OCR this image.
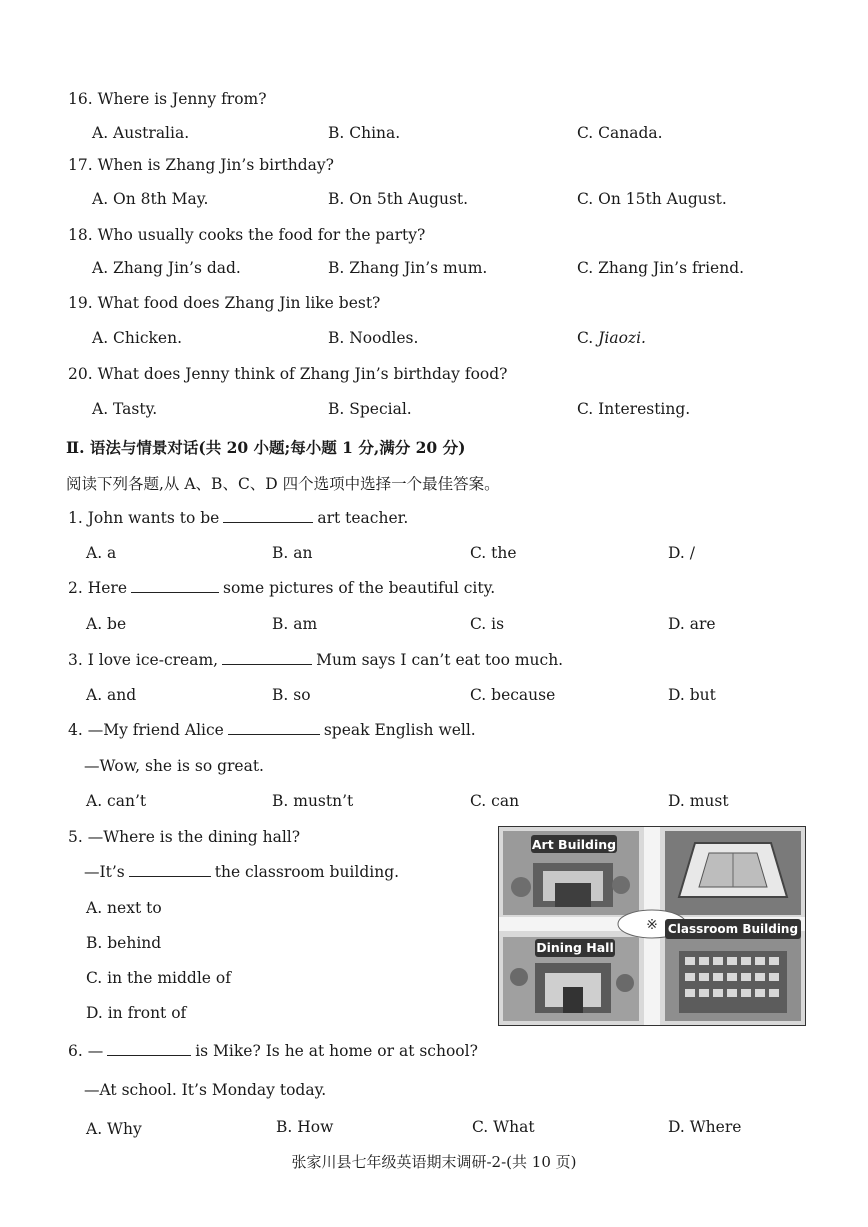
16. Where is Jenny from?
A. Australia.	B. China.	C. Canada.
17. When is Zhang Jin’s birthday?
A. On 8th May.	B. On 5th August.	C. On 15th August.
18. Who usually cooks the food for the party?
A. Zhang Jin’s dad.	B. Zhang Jin’s mum.	C. Zhang Jin’s friend.
19. What food does Zhang Jin like best?
A. Chicken.	B. Noodles.	C. Jiaozi.
20. What does Jenny think of Zhang Jin’s birthday food?
A. Tasty.	B. Special.	C. Interesting.
Ⅱ. 语法与情景对话(共 20 小题;每小题 1 分,满分 20 分)
阅读下列各题,从 A、B、C、D 四个选项中选择一个最佳答案。
1. John wants to be	art teacher.
A. a	B. an	C. the	D. /
2. Here	some pictures of the beautiful city.
A. be	B. am	C. is	D. are
3. I love ice-cream,	Mum says I can’t eat too much.
A. and	B. so	C. because	D. but
4. —My friend Alice	speak English well.
—Wow, she is so great.
A. can’t	B. mustn’t	C. can	D. must
5. —Where is the dining hall?
—It’s	the classroom building.
A. next to
B. behind
C. in the middle of
D. in front of
Art Building
※
Dining Hall
Classroom Building
6. —	is Mike? Is he at home or at school?
—At school. It’s Monday today.
A. Why	B. How	C. What	D. Where
张家川县七年级英语期末调研-2-(共 10 页)
